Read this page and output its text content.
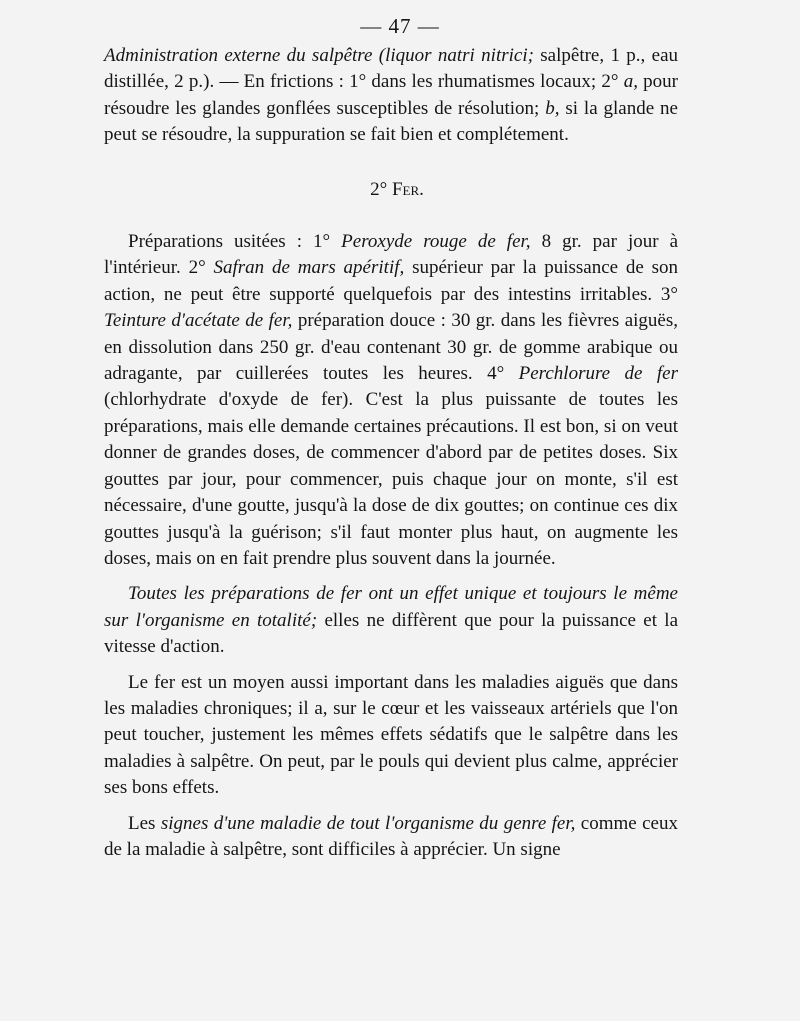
— 47 —

Administration externe du salpêtre (liquor natri nitrici; salpêtre, 1 p., eau distillée, 2 p.). — En frictions : 1° dans les rhumatismes locaux; 2° a, pour résoudre les glandes gonflées susceptibles de résolution; b, si la glande ne peut se résoudre, la suppuration se fait bien et complétement.

2° Fer.

Préparations usitées : 1° Peroxyde rouge de fer, 8 gr. par jour à l'intérieur. 2° Safran de mars apéritif, supérieur par la puissance de son action, ne peut être supporté quelquefois par des intestins irritables. 3° Teinture d'acétate de fer, préparation douce : 30 gr. dans les fièvres aiguës, en dissolution dans 250 gr. d'eau contenant 30 gr. de gomme arabique ou adragante, par cuillerées toutes les heures. 4° Perchlorure de fer (chlorhydrate d'oxyde de fer). C'est la plus puissante de toutes les préparations, mais elle demande certaines précautions. Il est bon, si on veut donner de grandes doses, de commencer d'abord par de petites doses. Six gouttes par jour, pour commencer, puis chaque jour on monte, s'il est nécessaire, d'une goutte, jusqu'à la dose de dix gouttes; on continue ces dix gouttes jusqu'à la guérison; s'il faut monter plus haut, on augmente les doses, mais on en fait prendre plus souvent dans la journée.

Toutes les préparations de fer ont un effet unique et toujours le même sur l'organisme en totalité; elles ne diffèrent que pour la puissance et la vitesse d'action.

Le fer est un moyen aussi important dans les maladies aiguës que dans les maladies chroniques; il a, sur le cœur et les vaisseaux artériels que l'on peut toucher, justement les mêmes effets sédatifs que le salpêtre dans les maladies à salpêtre. On peut, par le pouls qui devient plus calme, apprécier ses bons effets.

Les signes d'une maladie de tout l'organisme du genre fer, comme ceux de la maladie à salpêtre, sont difficiles à apprécier. Un signe
